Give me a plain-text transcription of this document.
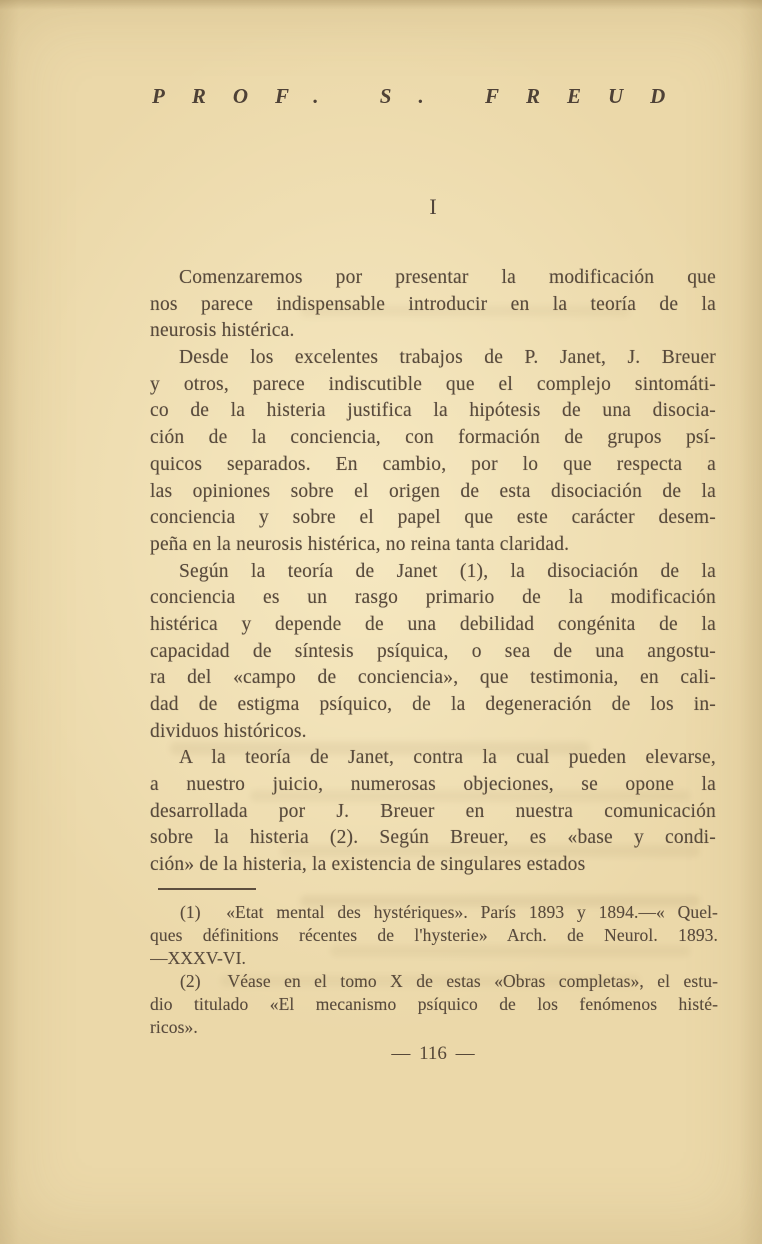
PROF. S. FREUD
I
Comenzaremos por presentar la modificación que
nos parece indispensable introducir en la teoría de la
neurosis histérica.
Desde los excelentes trabajos de P. Janet, J. Breuer
y otros, parece indiscutible que el complejo sintomáti-
co de la histeria justifica la hipótesis de una disocia-
ción de la conciencia, con formación de grupos psí-
quicos separados. En cambio, por lo que respecta a
las opiniones sobre el origen de esta disociación de la
conciencia y sobre el papel que este carácter desem-
peña en la neurosis histérica, no reina tanta claridad.
Según la teoría de Janet (1), la disociación de la
conciencia es un rasgo primario de la modificación
histérica y depende de una debilidad congénita de la
capacidad de síntesis psíquica, o sea de una angostu-
ra del «campo de conciencia», que testimonia, en cali-
dad de estigma psíquico, de la degeneración de los in-
dividuos históricos.
A la teoría de Janet, contra la cual pueden elevarse,
a nuestro juicio, numerosas objeciones, se opone la
desarrollada por J. Breuer en nuestra comunicación
sobre la histeria (2). Según Breuer, es «base y condi-
ción» de la histeria, la existencia de singulares estados
(1)  «Etat mental des hystériques». París 1893 y 1894.—« Quel-
ques définitions récentes de l'hysterie» Arch. de Neurol. 1893.
—XXXV-VI.
(2)  Véase en el tomo X de estas «Obras completas», el estu-
dio titulado «El mecanismo psíquico de los fenómenos histé-
ricos».
— 116 —
